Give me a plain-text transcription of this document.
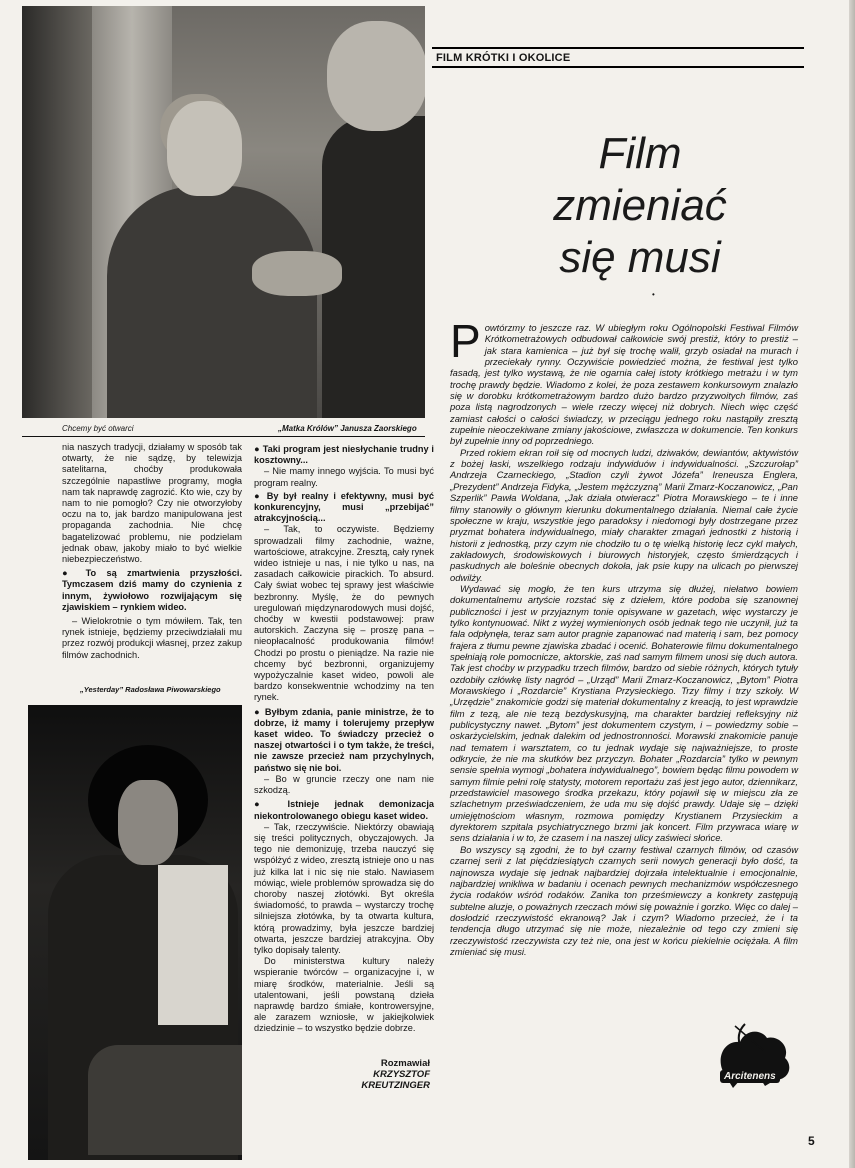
Chcemy być otwarci	„Matka Królów” Janusza Zaorskiego

nia naszych tradycji, działamy w sposób tak otwarty, że nie sądzę, by telewizja satelitarna, choćby produkowała szczególnie napastliwe programy, mogła nam tak naprawdę zagrozić. Kto wie, czy by nam to nie pomogło? Czy nie otworzyłoby oczu na to, jak bardzo manipulowana jest propaganda zachodnia. Nie chcę bagatelizować problemu, nie podzielam jednak obaw, jakoby miało to być wielkie niebezpieczeństwo.

● To są zmartwienia przyszłości. Tymczasem dziś mamy do czynienia z innym, żywiołowo rozwijającym się zjawiskiem – rynkiem wideo.

– Wielokrotnie o tym mówiłem. Tak, ten rynek istnieje, będziemy przeciwdziałali mu przez rozwój produkcji własnej, przez zakup filmów zachodnich.

„Yesterday” Radosława Piwowarskiego

● Taki program jest niesłychanie trudny i kosztowny...

– Nie mamy innego wyjścia. To musi być program realny.

● By był realny i efektywny, musi być konkurencyjny, musi „przebijać” atrakcyjnością...

– Tak, to oczywiste. Będziemy sprowadzali filmy zachodnie, ważne, wartościowe, atrakcyjne. Zresztą, cały rynek wideo istnieje u nas, i nie tylko u nas, na zasadach całkowicie pirackich. To absurd. Cały świat wobec tej sprawy jest właściwie bezbronny. Myślę, że do pewnych uregulowań międzynarodowych musi dojść, choćby w kwestii podstawowej: praw autorskich. Zaczyna się – proszę pana – nieopłacalność produkowania filmów! Chodzi po prostu o pieniądze. Na razie nie chcemy być bezbronni, organizujemy wypożyczalnie kaset wideo, powoli ale bardzo konsekwentnie wchodzimy na ten rynek.

● Byłbym zdania, panie ministrze, że to dobrze, iż mamy i tolerujemy przepływ kaset wideo. To świadczy przecież o naszej otwartości i o tym także, że treści, nie zawsze przecież nam przychylnych, państwo się nie boi.

– Bo w gruncie rzeczy one nam nie szkodzą.

● Istnieje jednak demonizacja niekontrolowanego obiegu kaset wideo.

– Tak, rzeczywiście. Niektórzy obawiają się treści politycznych, obyczajowych. Ja tego nie demonizuję, trzeba nauczyć się współżyć z wideo, zresztą istnieje ono u nas już kilka lat i nic się nie stało. Nawiasem mówiąc, wiele problemów sprowadza się do choroby naszej złotówki. Byt określa świadomość, to prawda – wystarczy trochę silniejsza złotówka, by ta otwarta kultura, którą prowadzimy, była jeszcze bardziej otwarta, jeszcze bardziej atrakcyjna. Oby tylko dopisały talenty.

Do ministerstwa kultury należy wspieranie twórców – organizacyjne i, w miarę środków, materialnie. Jeśli są utalentowani, jeśli powstaną dzieła naprawdę bardzo śmiałe, kontrowersyjne, ale zarazem wzniosłe, w jakiejkolwiek dziedzinie – to wszystko będzie dobrze.

Rozmawiał
KRZYSZTOF
KREUTZINGER
FILM KRÓTKI I OKOLICE
Film
zmieniać
się musi
•

Powtórzmy to jeszcze raz. W ubiegłym roku Ogólnopolski Festiwal Filmów Krótkometrażowych odbudował całkowicie swój prestiż, który to prestiż – jak stara kamienica – już był się trochę walił, grzyb osiadał na murach i przeciekały rynny. Oczywiście powiedzieć można, że festiwal jest tylko fasadą, jest tylko wystawą, że nie ogarnia całej istoty krótkiego metrażu i w tym trochę prawdy będzie. Wiadomo z kolei, że poza zestawem konkursowym znalazło się w dorobku krótkometrażowym bardzo dużo bardzo przyzwoitych filmów, zaś poza listą nagrodzonych – wiele rzeczy więcej niż dobrych. Niech więc część zamiast całości o całości świadczy, w przeciągu jednego roku nastąpiły zresztą zupełnie nieoczekiwane zmiany jakościowe, zwłaszcza w dokumencie. Ten konkurs był zupełnie inny od poprzedniego.

Przed rokiem ekran roił się od mocnych ludzi, dziwaków, dewiantów, aktywistów z bożej łaski, wszelkiego rodzaju indywiduów i indywidualności. „Szczurołap” Andrzeja Czarneckiego, „Stadion czyli żywot Józefa” Ireneusza Englera, „Prezydent” Andrzeja Fidyka, „Jestem mężczyzną” Marii Zmarz-Koczanowicz, „Pan Szperlik” Pawła Woldana, „Jak działa otwieracz” Piotra Morawskiego – te i inne filmy stanowiły o głównym kierunku dokumentalnego działania. Niemal całe życie społeczne w kraju, wszystkie jego paradoksy i niedomogi były dostrzegane przez pryzmat bohatera indywidualnego, miały charakter zmagań jednostki z historią i historii z jednostką, przy czym nie chodziło tu o tę wielką historię lecz cykl małych, zakładowych, środowiskowych i biurowych historyjek, często śmierdzących i paskudnych ale boleśnie obecnych dokoła, jak psie kupy na ulicach po pierwszej odwilży.

Wydawać się mogło, że ten kurs utrzyma się dłużej, niełatwo bowiem dokumentalnemu artyście rozstać się z dziełem, które podoba się szanownej publiczności i jest w przyjaznym tonie opisywane w gazetach, więc wystarczy je tylko kontynuować. Nikt z wyżej wymienionych osób jednak tego nie uczynił, już ta fala odpłynęła, teraz sam autor pragnie zapanować nad materią i sam, bez pomocy frajera z tłumu pewne zjawiska zbadać i ocenić. Bohaterowie filmu dokumentalnego spełniają role pomocnicze, aktorskie, zaś nad samym filmem unosi się duch autora. Tak jest choćby w przypadku trzech filmów, bardzo od siebie różnych, których tytuły ozdobiły człówkę listy nagród – „Urząd” Marii Zmarz-Koczanowicz, „Bytom” Piotra Morawskiego i „Rozdarcie” Krystiana Przysieckiego. Trzy filmy i trzy szkoły. W „Urzędzie” znakomicie godzi się materiał dokumentalny z kreacją, to jest wprawdzie film z tezą, ale nie tezą bezdyskusyjną, ma charakter bardziej refleksyjny niż publicystyczny nawet. „Bytom” jest dokumentem czystym, i – powiedzmy sobie – oskarżycielskim, jednak dalekim od jednostronności. Morawski znakomicie panuje nad tematem i warsztatem, co tu jednak wydaje się najważniejsze, to proste odkrycie, że nie ma skutków bez przyczyn. Bohater „Rozdarcia” tylko w pewnym sensie spełnia wymogi „bohatera indywidualnego”, bowiem będąc filmu powodem w samym filmie pełni rolę statysty, motorem reportażu zaś jest jego autor, dziennikarz, przedstawiciel masowego środka przekazu, który pojawił się w miejscu zła ze szlachetnym przeświadczeniem, że uda mu się dojść prawdy. Udaje się – dzięki umiejętnościom własnym, rozmowa pomiędzy Krystianem Przysieckim a dyrektorem szpitala psychiatrycznego brzmi jak koncert. Film przywraca wiarę w sens działania i w to, że czasem i na naszej ulicy zaświeci słońce.

Bo wszyscy są zgodni, że to był czarny festiwal czarnych filmów, od czasów czarnej serii z lat pięćdziesiątych czarnych serii nowych generacji było dość, ta najnowsza wydaje się jednak najbardziej dojrzała intelektualnie i emocjonalnie, najbardziej wnikliwa w badaniu i ocenach pewnych mechanizmów współczesnego życia rodaków wśród rodaków. Zanika ton prześmiewczy a konkrety zastępują subtelne aluzje, o poważnych rzeczach mówi się poważnie i gorzko. Więc co dalej – dosłodzić rzeczywistość ekranową? Jak i czym? Wiadomo przecież, że i ta tendencja długo utrzymać się nie może, niezależnie od tego czy zmieni się rzeczywistość rzeczywista czy też nie, ona jest w końcu piekielnie ociężała. A film zmieniać się musi.

Arcitenens
5
